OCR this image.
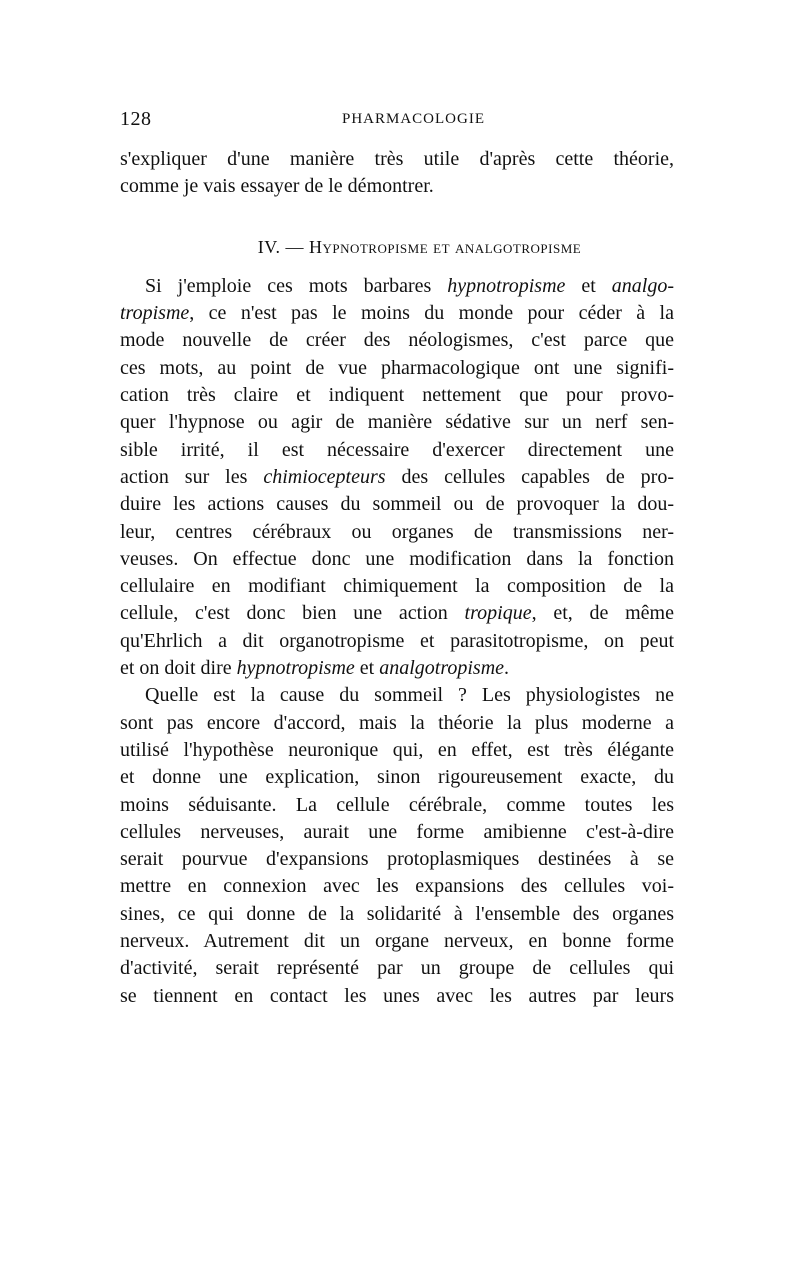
128	PHARMACOLOGIE

s'expliquer d'une manière très utile d'après cette théorie,
comme je vais essayer de le démontrer.

IV. — Hypnotropisme et analgotropisme

Si j'emploie ces mots barbares hypnotropisme et analgo-
tropisme, ce n'est pas le moins du monde pour céder à la
mode nouvelle de créer des néologismes, c'est parce que
ces mots, au point de vue pharmacologique ont une signifi-
cation très claire et indiquent nettement que pour provo-
quer l'hypnose ou agir de manière sédative sur un nerf sen-
sible irrité, il est nécessaire d'exercer directement une
action sur les chimiocepteurs des cellules capables de pro-
duire les actions causes du sommeil ou de provoquer la dou-
leur, centres cérébraux ou organes de transmissions ner-
veuses. On effectue donc une modification dans la fonction
cellulaire en modifiant chimiquement la composition de la
cellule, c'est donc bien une action tropique, et, de même
qu'Ehrlich a dit organotropisme et parasitotropisme, on peut
et on doit dire hypnotropisme et analgotropisme.

Quelle est la cause du sommeil ? Les physiologistes ne
sont pas encore d'accord, mais la théorie la plus moderne a
utilisé l'hypothèse neuronique qui, en effet, est très élégante
et donne une explication, sinon rigoureusement exacte, du
moins séduisante. La cellule cérébrale, comme toutes les
cellules nerveuses, aurait une forme amibienne c'est-à-dire
serait pourvue d'expansions protoplasmiques destinées à se
mettre en connexion avec les expansions des cellules voi-
sines, ce qui donne de la solidarité à l'ensemble des organes
nerveux. Autrement dit un organe nerveux, en bonne forme
d'activité, serait représenté par un groupe de cellules qui
se tiennent en contact les unes avec les autres par leurs
